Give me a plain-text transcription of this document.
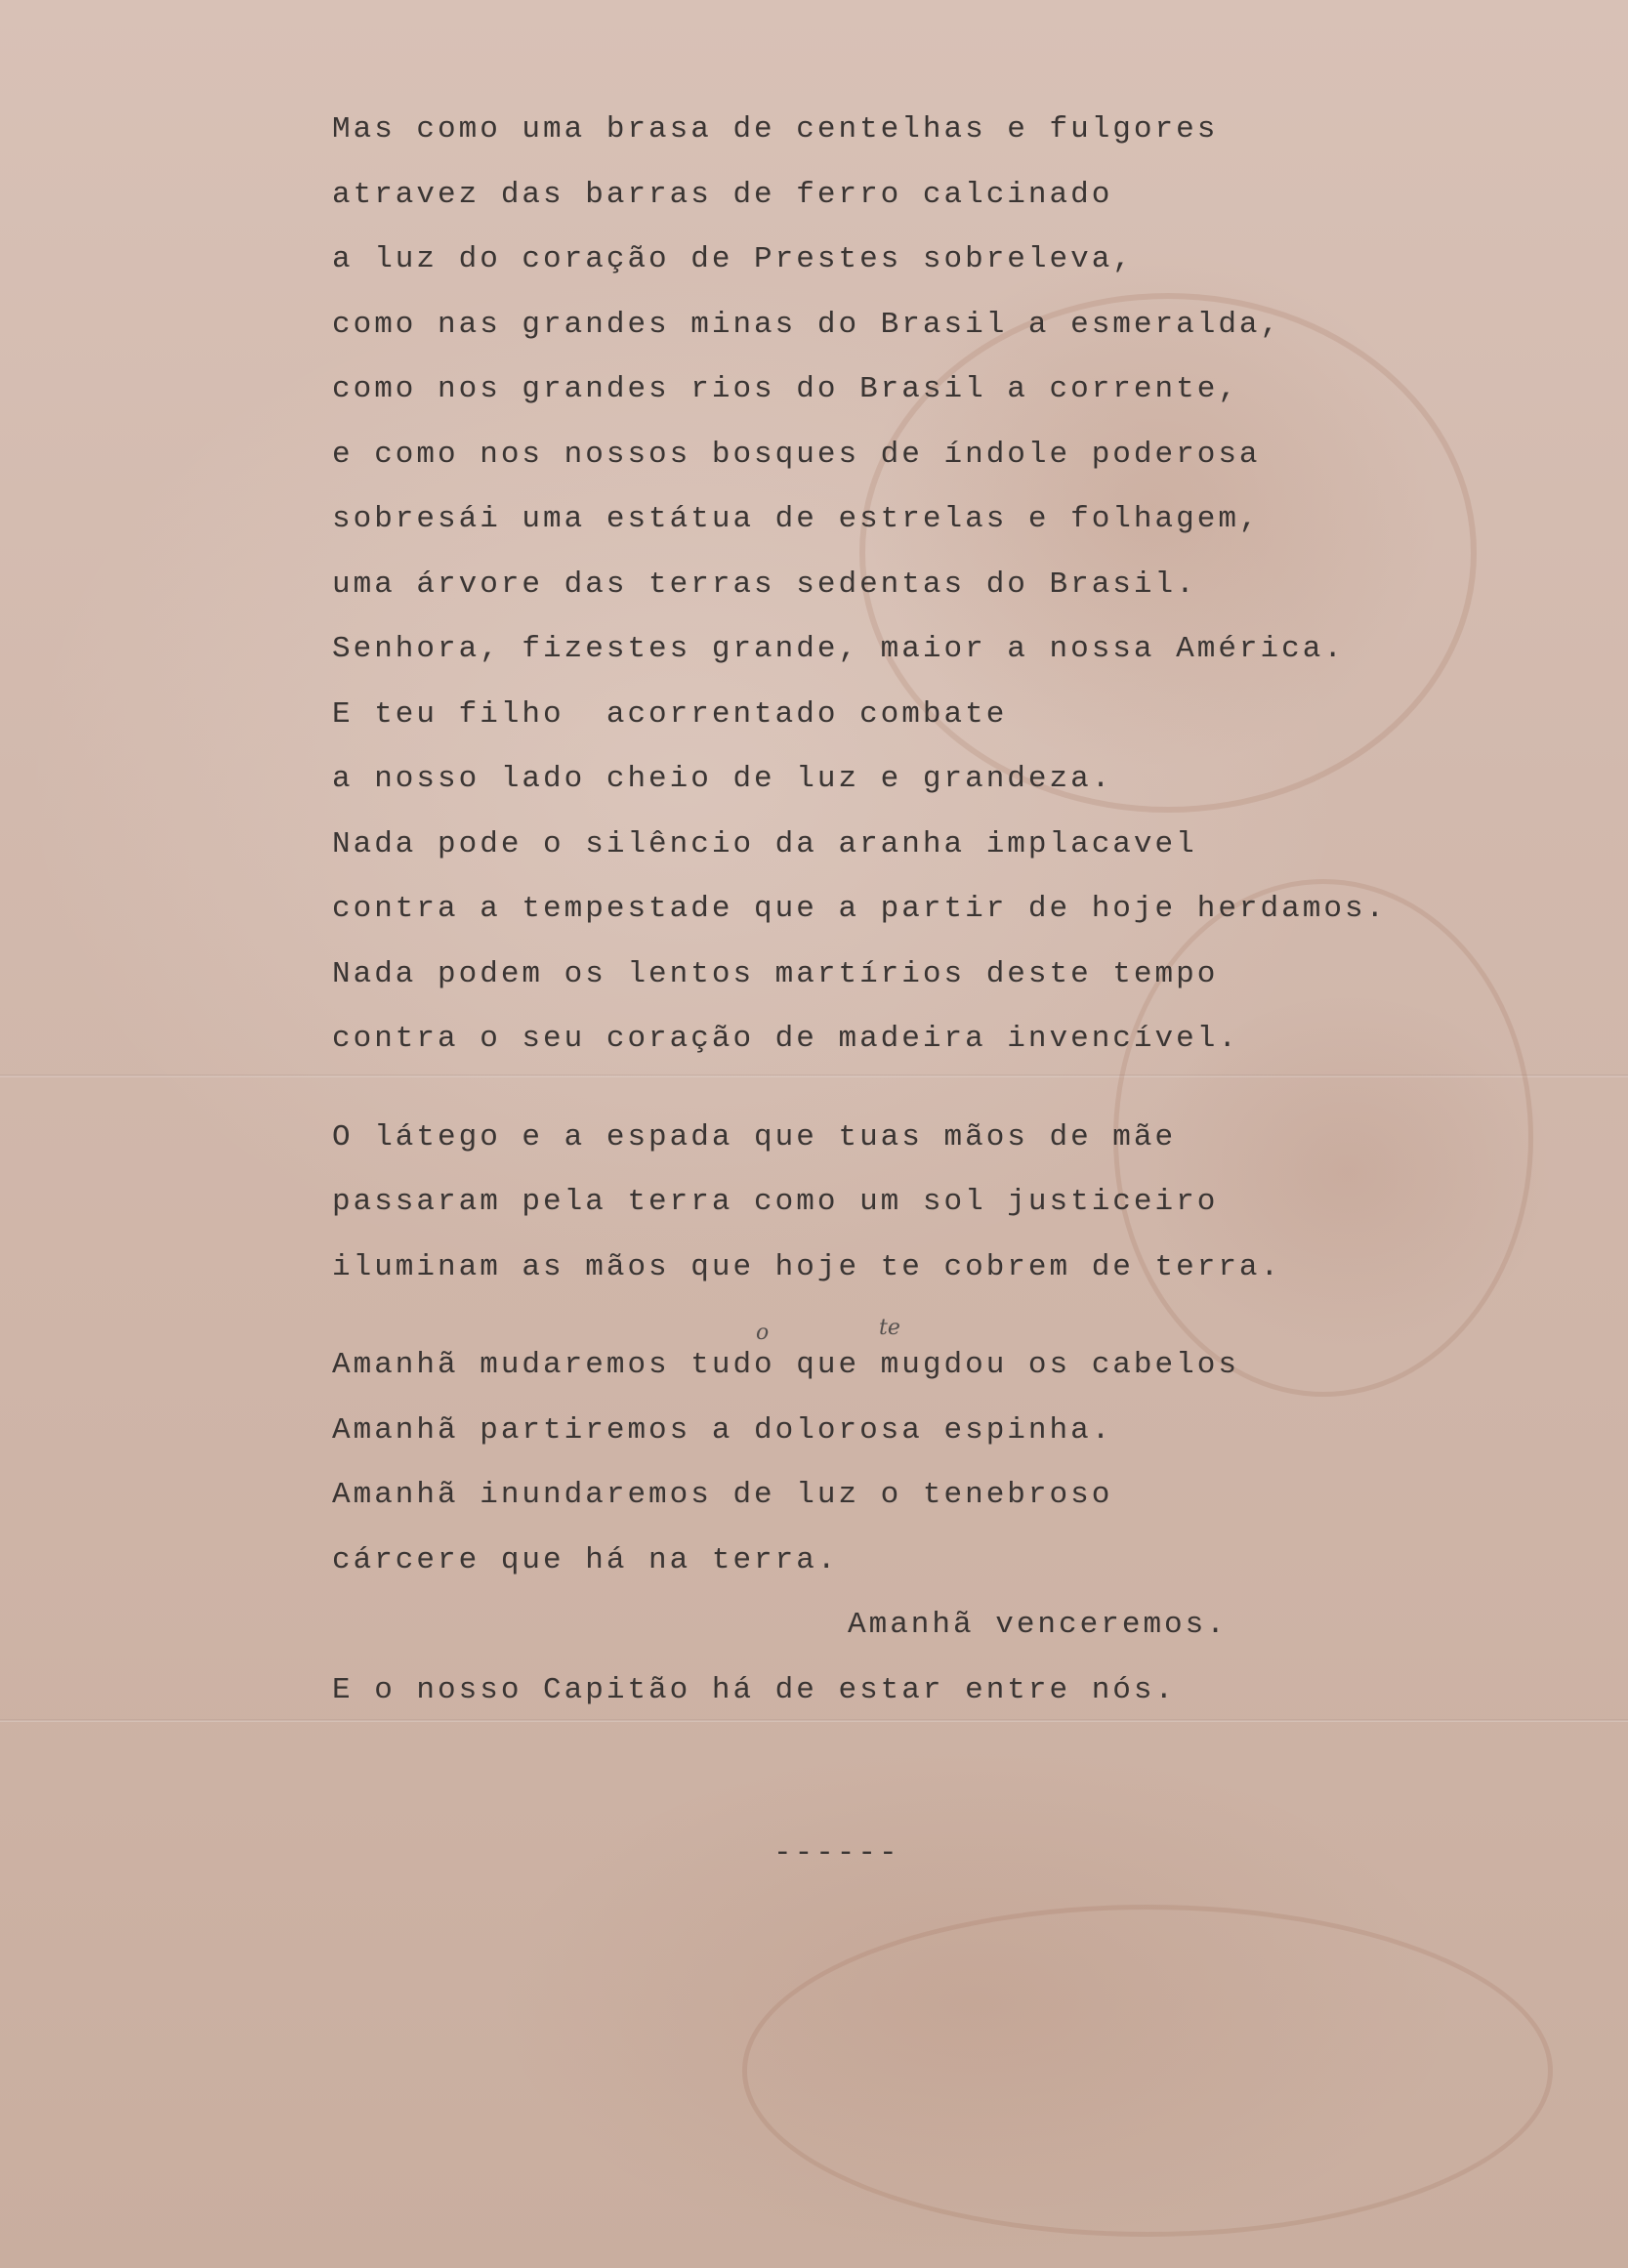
Mas como uma brasa de centelhas e fulgores
atravez das barras de ferro calcinado
a luz do coração de Prestes sobreleva,
como nas grandes minas do Brasil a esmeralda,
como nos grandes rios do Brasil a corrente,
e como nos nossos bosques de índole poderosa
sobresái uma estátua de estrelas e folhagem,
uma árvore das terras sedentas do Brasil.
Senhora, fizestes grande, maior a nossa América.
E teu filho  acorrentado combate
a nosso lado cheio de luz e grandeza.
Nada pode o silêncio da aranha implacavel
contra a tempestade que a partir de hoje herdamos.
Nada podem os lentos martírios deste tempo
contra o seu coração de madeira invencível.
O látego e a espada que tuas mãos de mãe
passaram pela terra como um sol justiceiro
iluminam as mãos que hoje te cobrem de terra.
Amanhã mudaremos tudo que mugdou os cabelos
Amanhã partiremos a dolorosa espinha.
Amanhã inundaremos de luz o tenebroso
cárcere que há na terra.
Amanhã venceremos.
E o nosso Capitão há de estar entre nós.
o	te
------
